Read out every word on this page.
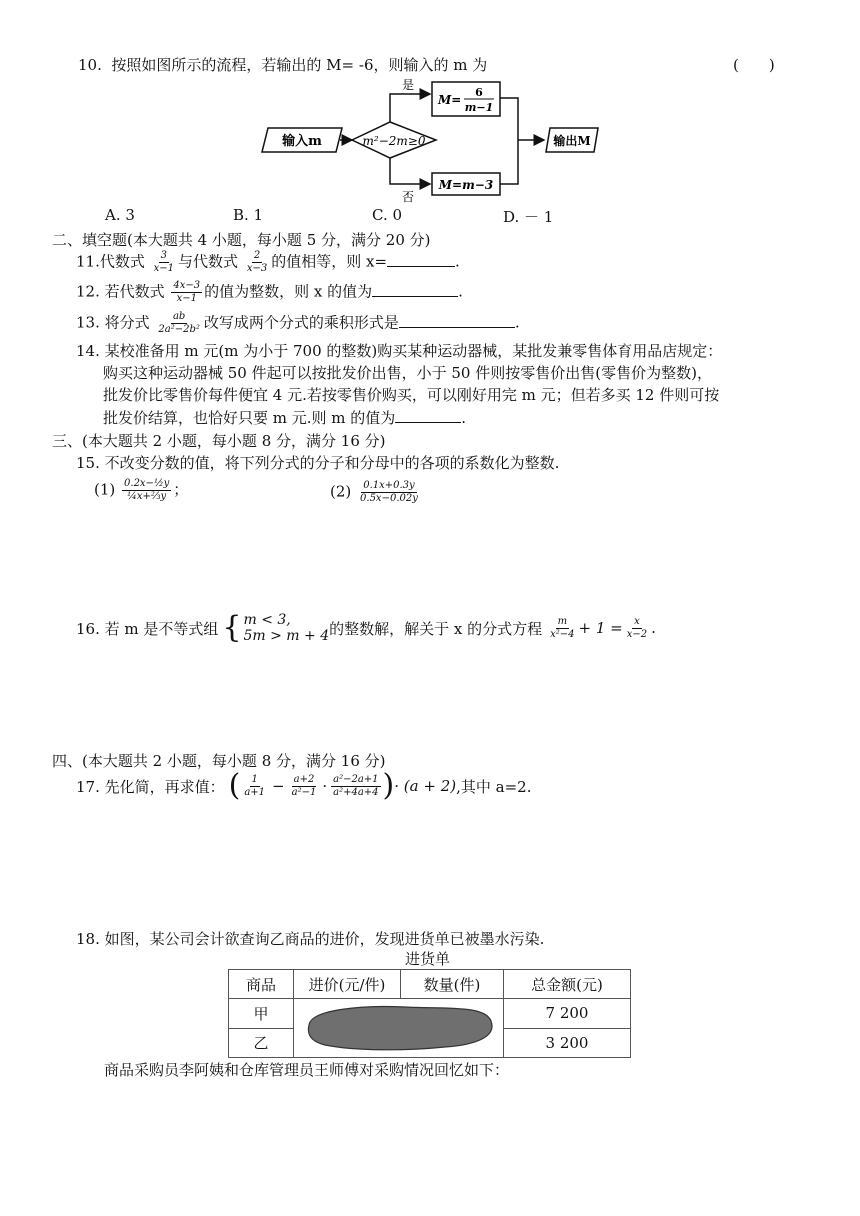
10. 按照如图所示的流程，若输出的 M= -6，则输入的 m 为	(　　)
输入m	m²−2m≥0
是
M=
6
m−1
否
M=m−3
输出M
A. 3	B. 1	C. 0	D. － 1
二、填空题(本大题共 4 小题，每小题 5 分，满分 20 分)
11.代数式 $\frac{3}{x-1}$ 与代数式 $\frac{2}{x-3}$ 的值相等，则 x=	.
12. 若代数式 $\frac{4x-3}{x-1}$ 的值为整数，则 x 的值为	.
13. 将分式 $\frac{ab}{\text{2a²−2b²}}$ 改写成两个分式的乘积形式是	.
14. 某校准备用 m 元(m 为小于 700 的整数)购买某种运动器械，某批发兼零售体育用品店规定：
购买这种运动器械 50 件起可以按批发价出售，小于 50 件则按零售价出售(零售价为整数)，
批发价比零售价每件便宜 4 元.若按零售价购买，可以刚好用完 m 元；但若多买 12 件则可按
批发价结算，也恰好只要 m 元.则 m 的值为	.
三、(本大题共 2 小题，每小题 8 分，满分 16 分)
15. 不改变分数的值，将下列分式的分子和分母中的各项的系数化为整数.
$(1) \frac{\text{0.2x−½y}}{\text{¼x+⅔y}}$ ；	$(2) \frac{0.1x+0.3y}{0.5x-0.02y}$
16. 若 m 是不等式组 { m < 3,
5m > m + 4 的整数解，解关于 x 的分式方程 $\frac{m}{\text{x²−4}} + 1 = \frac{x}{x-2}$ .
四、(本大题共 2 小题，每小题 8 分，满分 16 分)
17. 先化简，再求值： ( $\frac{1}{a+1} - \frac{a+2}{\text{a²−1}} \cdot \frac{\text{a²−2a+1}}{\text{a²+4a+4}}$ ) · (a + 2) ,其中 a=2.
18. 如图，某公司会计欲查询乙商品的进价，发现进货单已被墨水污染.
进货单
商品	进价(元/件)	数量(件)	总金额(元)
甲			7 200
乙			3 200
商品采购员李阿姨和仓库管理员王师傅对采购情况回忆如下：
